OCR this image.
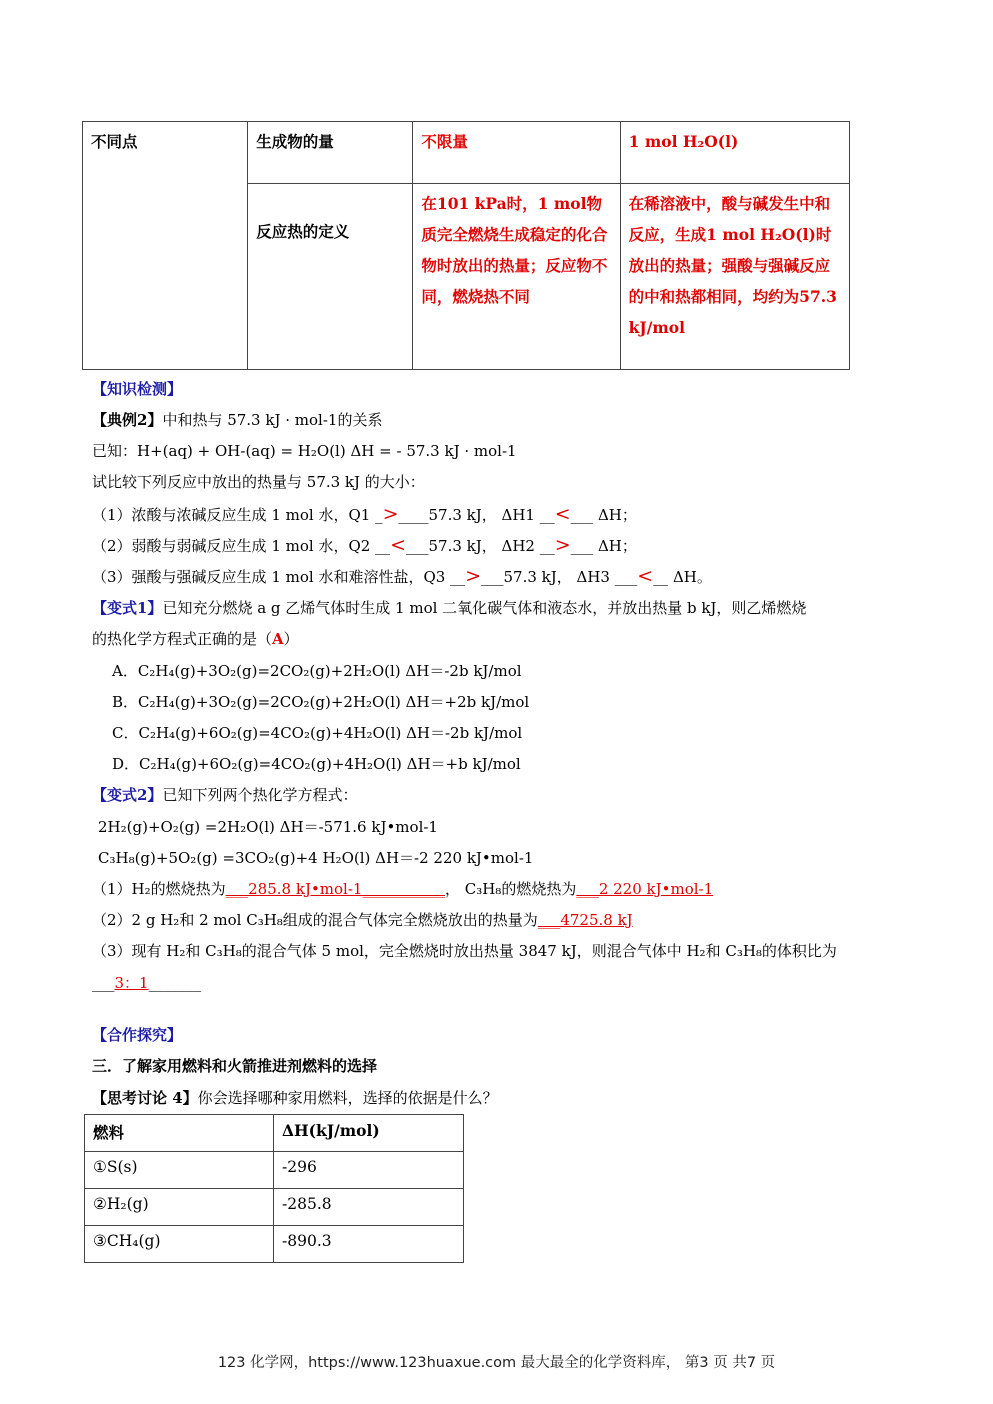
不同点	生成物的量	不限量	1 mol H₂O(l)
	反应热的定义	在101 kPa时，1 mol物质完全燃烧生成稳定的化合物时放出的热量；反应物不同，燃烧热不同	在稀溶液中，酸与碱发生中和反应，生成1 mol H₂O(l)时放出的热量；强酸与强碱反应的中和热都相同，均约为57.3 kJ/mol
【知识检测】
【典例2】中和热与 57.3 kJ · mol-1的关系
已知：H+(aq) + OH-(aq) = H₂O(l) ΔH = - 57.3 kJ · mol-1
试比较下列反应中放出的热量与 57.3 kJ 的大小：
（1）浓酸与浓碱反应生成 1 mol 水，Q1 _>____57.3 kJ， ΔH1 __<___ ΔH；
（2）弱酸与弱碱反应生成 1 mol 水，Q2 __<___57.3 kJ， ΔH2 __>___ ΔH；
（3）强酸与强碱反应生成 1 mol 水和难溶性盐，Q3 __>___57.3 kJ， ΔH3 ___<__ ΔH。
【变式1】已知充分燃烧 a g 乙烯气体时生成 1 mol 二氧化碳气体和液态水，并放出热量 b kJ，则乙烯燃烧
的热化学方程式正确的是（A）
A．C₂H₄(g)+3O₂(g)=2CO₂(g)+2H₂O(l) ΔH＝-2b kJ/mol
B．C₂H₄(g)+3O₂(g)=2CO₂(g)+2H₂O(l) ΔH＝+2b kJ/mol
C．C₂H₄(g)+6O₂(g)=4CO₂(g)+4H₂O(l) ΔH＝-2b kJ/mol
D．C₂H₄(g)+6O₂(g)=4CO₂(g)+4H₂O(l) ΔH＝+b kJ/mol
【变式2】已知下列两个热化学方程式：
2H₂(g)+O₂(g) =2H₂O(l) ΔH＝-571.6 kJ•mol-1
C₃H₈(g)+5O₂(g) =3CO₂(g)+4 H₂O(l) ΔH＝-2 220 kJ•mol-1
（1）H₂的燃烧热为___285.8 kJ•mol-1___________， C₃H₈的燃烧热为___2 220 kJ•mol-1
（2）2 g H₂和 2 mol C₃H₈组成的混合气体完全燃烧放出的热量为___4725.8 kJ
（3）现有 H₂和 C₃H₈的混合气体 5 mol，完全燃烧时放出热量 3847 kJ，则混合气体中 H₂和 C₃H₈的体积比为
___3：1_______
【合作探究】
三．了解家用燃料和火箭推进剂燃料的选择
【思考讨论 4】你会选择哪种家用燃料，选择的依据是什么？
燃料	ΔH(kJ/mol)
①S(s)	-296
②H₂(g)	-285.8
③CH₄(g)	-890.3
123 化学网，https://www.123huaxue.com 最大最全的化学资料库， 第3 页 共7 页
